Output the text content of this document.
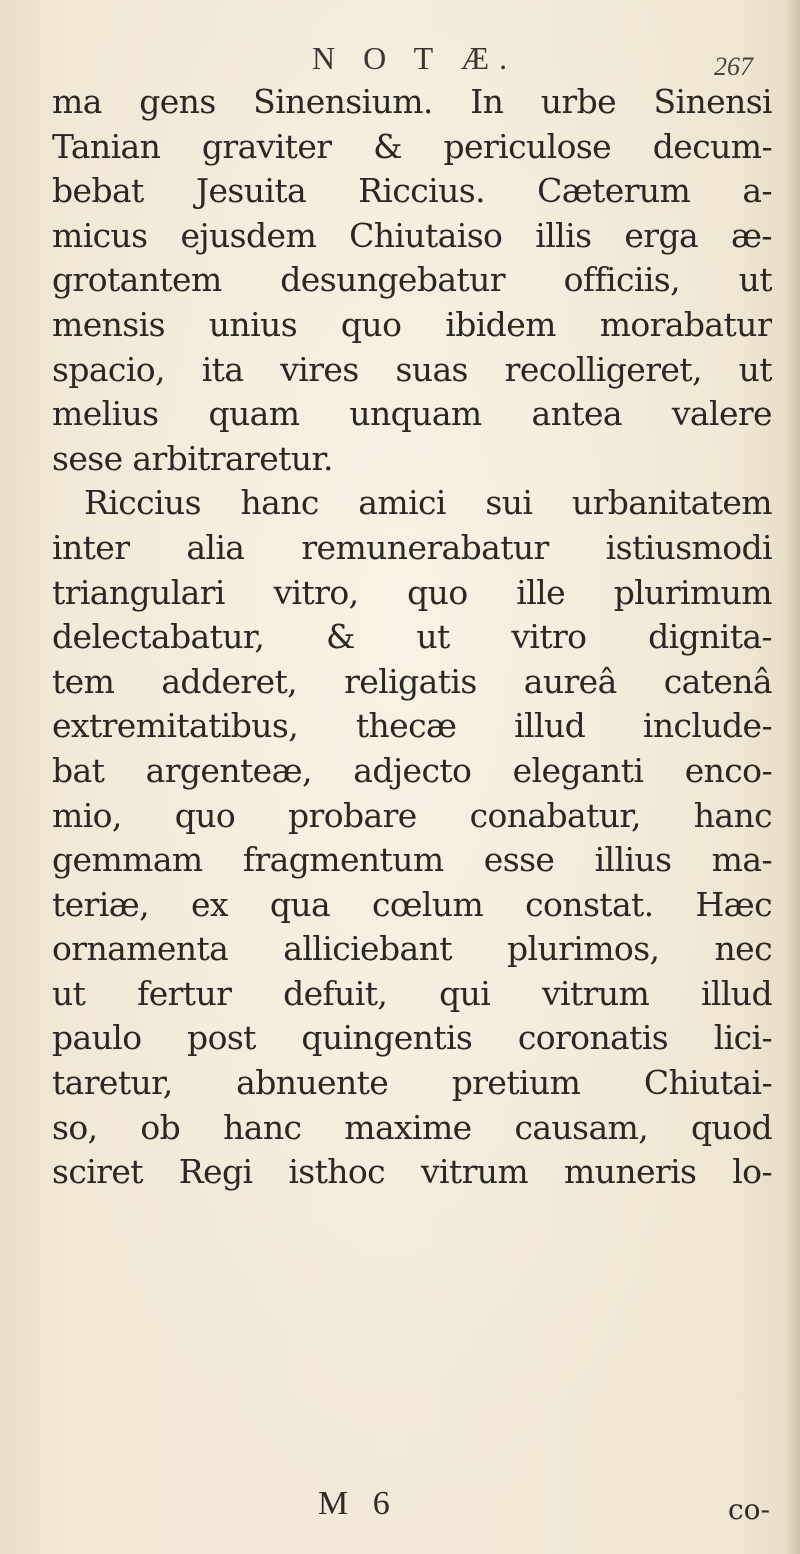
N O T Æ.	267
ma gens Sinensium. In urbe Sinensi
Tanian graviter & periculose decum-
bebat Jesuita Riccius. Cæterum a-
micus ejusdem Chiutaiso illis erga æ-
grotantem desungebatur officiis, ut
mensis unius quo ibidem morabatur
spacio, ita vires suas recolligeret, ut
melius quam unquam antea valere
sese arbitraretur.
Riccius hanc amici sui urbanitatem
inter alia remunerabatur istiusmodi
triangulari vitro, quo ille plurimum
delectabatur, & ut vitro dignita-
tem adderet, religatis aureâ catenâ
extremitatibus, thecæ illud include-
bat argenteæ, adjecto eleganti enco-
mio, quo probare conabatur, hanc
gemmam fragmentum esse illius ma-
teriæ, ex qua cœlum constat. Hæc
ornamenta alliciebant plurimos, nec
ut fertur defuit, qui vitrum illud
paulo post quingentis coronatis lici-
taretur, abnuente pretium Chiutai-
so, ob hanc maxime causam, quod
sciret Regi isthoc vitrum muneris lo-
M 6	co-
